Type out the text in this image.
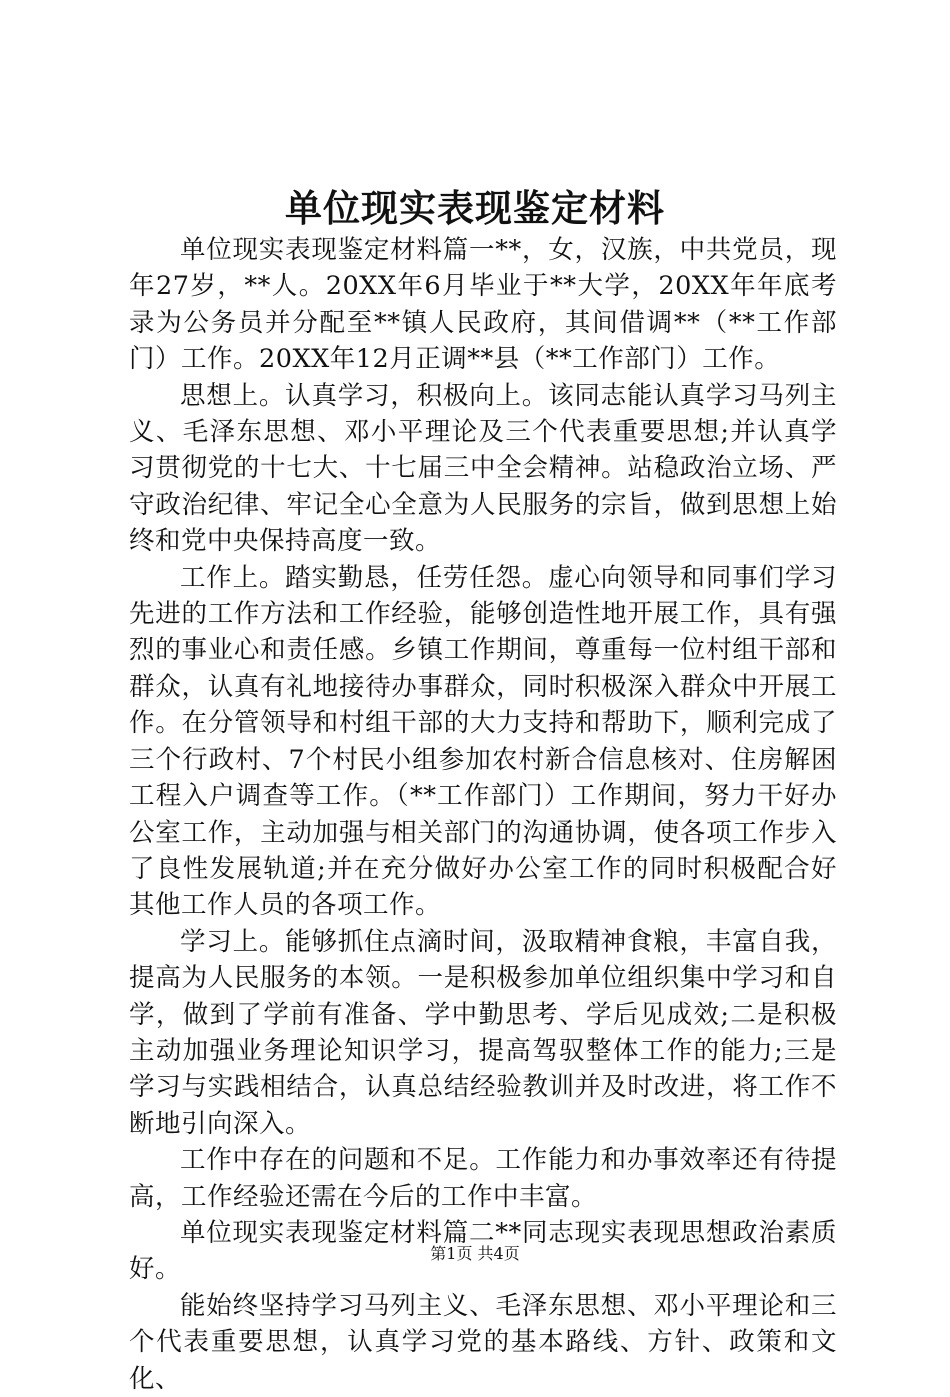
单位现实表现鉴定材料

单位现实表现鉴定材料篇一**，女，汉族，中共党员，现年27岁，**人。20XX年6月毕业于**大学，20XX年年底考录为公务员并分配至**镇人民政府，其间借调**（**工作部门）工作。20XX年12月正调**县（**工作部门）工作。

思想上。认真学习，积极向上。该同志能认真学习马列主义、毛泽东思想、邓小平理论及三个代表重要思想;并认真学习贯彻党的十七大、十七届三中全会精神。站稳政治立场、严守政治纪律、牢记全心全意为人民服务的宗旨，做到思想上始终和党中央保持高度一致。

工作上。踏实勤恳，任劳任怨。虚心向领导和同事们学习先进的工作方法和工作经验，能够创造性地开展工作，具有强烈的事业心和责任感。乡镇工作期间，尊重每一位村组干部和群众，认真有礼地接待办事群众，同时积极深入群众中开展工作。在分管领导和村组干部的大力支持和帮助下，顺利完成了三个行政村、7个村民小组参加农村新合信息核对、住房解困工程入户调查等工作。（**工作部门）工作期间，努力干好办公室工作，主动加强与相关部门的沟通协调，使各项工作步入了良性发展轨道;并在充分做好办公室工作的同时积极配合好其他工作人员的各项工作。

学习上。能够抓住点滴时间，汲取精神食粮，丰富自我，提高为人民服务的本领。一是积极参加单位组织集中学习和自学，做到了学前有准备、学中勤思考、学后见成效;二是积极主动加强业务理论知识学习，提高驾驭整体工作的能力;三是学习与实践相结合，认真总结经验教训并及时改进，将工作不断地引向深入。

工作中存在的问题和不足。工作能力和办事效率还有待提高，工作经验还需在今后的工作中丰富。

单位现实表现鉴定材料篇二**同志现实表现思想政治素质好。

能始终坚持学习马列主义、毛泽东思想、邓小平理论和三个代表重要思想，认真学习党的基本路线、方针、政策和文化、

第1页 共4页
